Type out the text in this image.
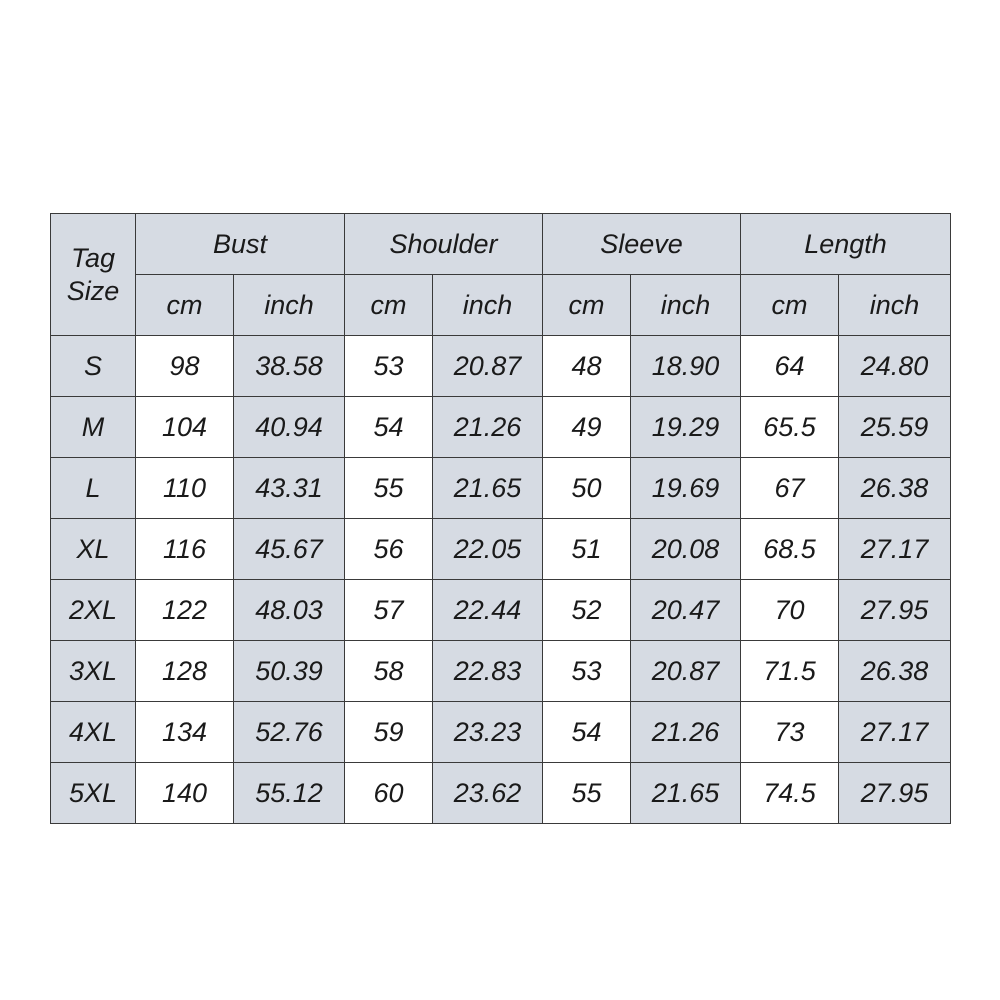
Tag
Size	Bust		Shoulder		Sleeve		Length	
	cm	inch	cm	inch	cm	inch	cm	inch
S	98	38.58	53	20.87	48	18.90	64	24.80
M	104	40.94	54	21.26	49	19.29	65.5	25.59
L	110	43.31	55	21.65	50	19.69	67	26.38
XL	116	45.67	56	22.05	51	20.08	68.5	27.17
2XL	122	48.03	57	22.44	52	20.47	70	27.95
3XL	128	50.39	58	22.83	53	20.87	71.5	26.38
4XL	134	52.76	59	23.23	54	21.26	73	27.17
5XL	140	55.12	60	23.62	55	21.65	74.5	27.95
